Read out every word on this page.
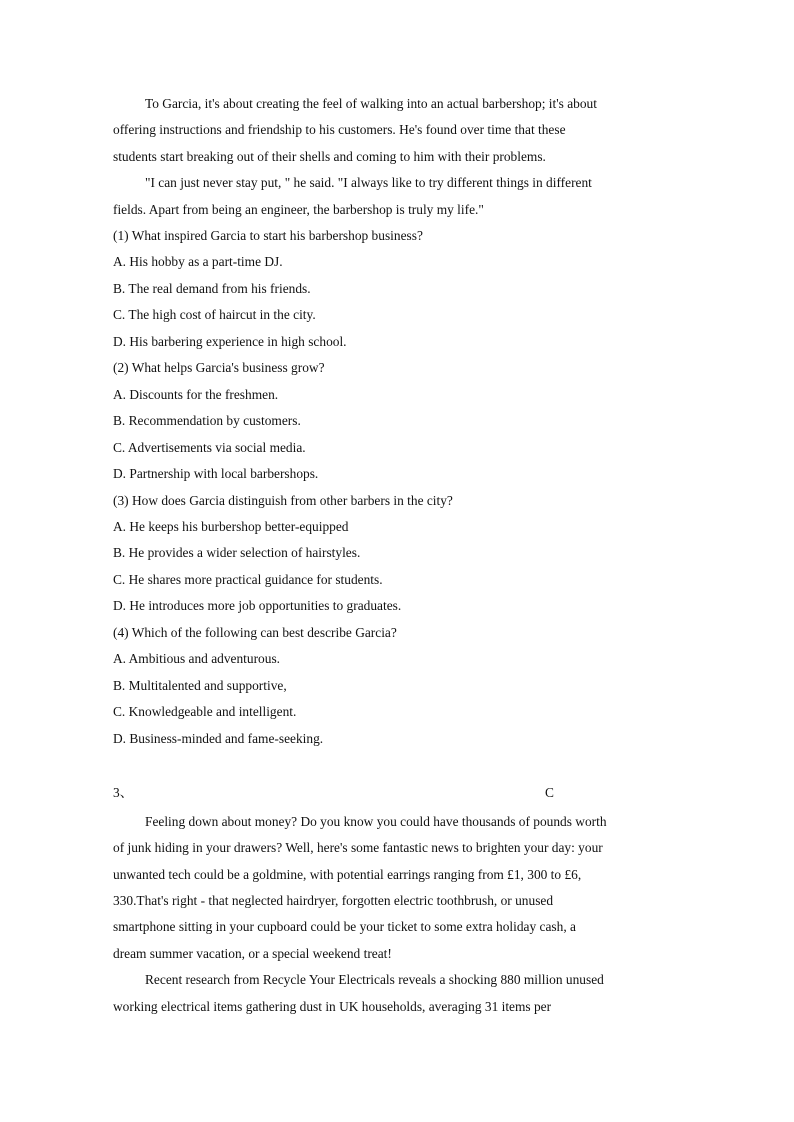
To Garcia, it's about creating the feel of walking into an actual barbershop; it's about
offering instructions and friendship to his customers. He's found over time that these
students start breaking out of their shells and coming to him with their problems.
"I can just never stay put, " he said. "I always like to try different things in different
fields. Apart from being an engineer, the barbershop is truly my life."
(1) What inspired Garcia to start his barbershop business?
A. His hobby as a part-time DJ.
B. The real demand from his friends.
C. The high cost of haircut in the city.
D. His barbering experience in high school.
(2) What helps Garcia's business grow?
A. Discounts for the freshmen.
B. Recommendation by customers.
C. Advertisements via social media.
D. Partnership with local barbershops.
(3) How does Garcia distinguish from other barbers in the city?
A. He keeps his burbershop better-equipped
B. He provides a wider selection of hairstyles.
C. He shares more practical guidance for students.
D. He introduces more job opportunities to graduates.
(4) Which of the following can best describe Garcia?
A. Ambitious and adventurous.
B. Multitalented and supportive,
C. Knowledgeable and intelligent.
D. Business-minded and fame-seeking.
3、	C
Feeling down about money? Do you know you could have thousands of pounds worth
of junk hiding in your drawers? Well, here's some fantastic news to brighten your day: your
unwanted tech could be a goldmine, with potential earrings ranging from £1, 300 to £6,
330.That's right - that neglected hairdryer, forgotten electric toothbrush, or unused
smartphone sitting in your cupboard could be your ticket to some extra holiday cash, a
dream summer vacation, or a special weekend treat!
Recent research from Recycle Your Electricals reveals a shocking 880 million unused
working electrical items gathering dust in UK households, averaging 31 items per
